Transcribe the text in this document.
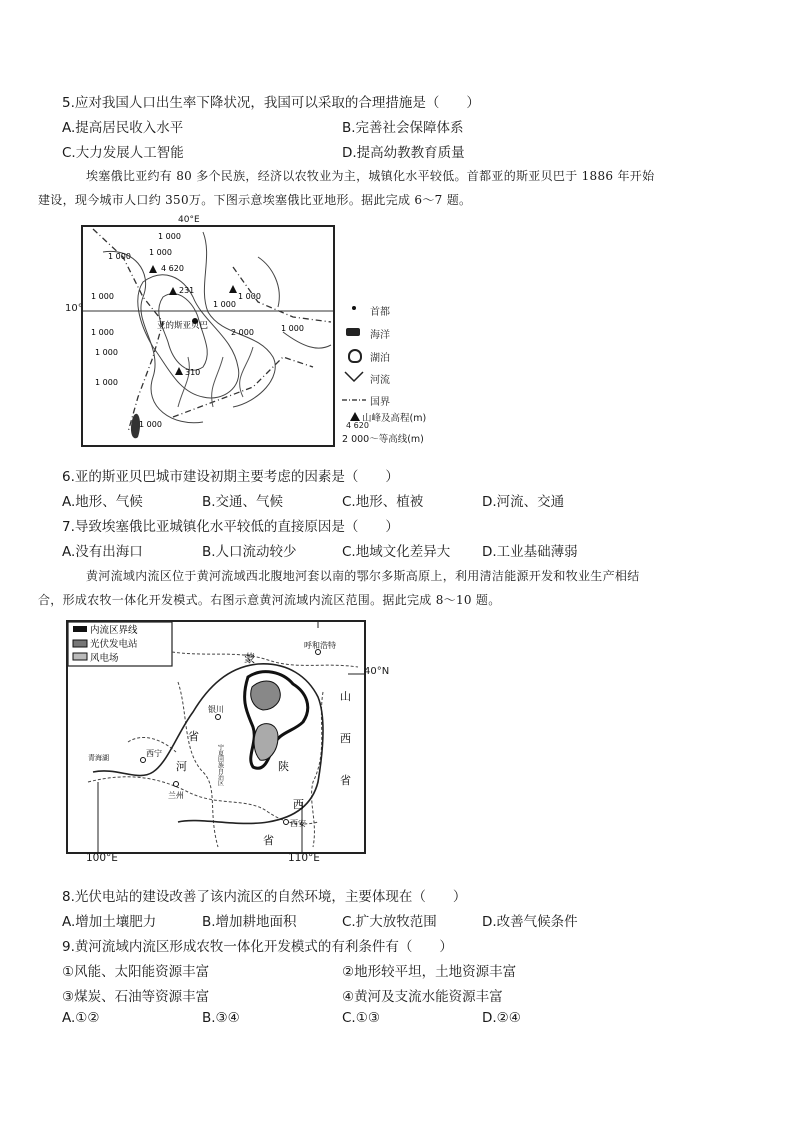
5.应对我国人口出生率下降状况，我国可以采取的合理措施是（　　）
A.提高居民收入水平	B.完善社会保障体系
C.大力发展人工智能	D.提高幼教教育质量
埃塞俄比亚约有 80 多个民族，经济以农牧业为主，城镇化水平较低。首都亚的斯亚贝巴于 1886 年开始
建设，现今城市人口约 350万。下图示意埃塞俄比亚地形。据此完成 6～7 题。
4 620
231
310
1 000
1 000 1 000
1 000
1 000
1 000
1 000
1 000
1 000
2 000	1 000
1 000
亚的斯亚贝巴
40°E
10°	首都
海洋
湖泊
河流
国界
山峰及高程(m)
4 620
2 000～等高线(m)
6.亚的斯亚贝巴城市建设初期主要考虑的因素是（　　）
A.地形、气候	B.交通、气候	C.地形、植被	D.河流、交通
7.导致埃塞俄比亚城镇化水平较低的直接原因是（　　）
A.没有出海口	B.人口流动较少	C.地域文化差异大 D.工业基础薄弱
黄河流域内流区位于黄河流域西北腹地河套以南的鄂尔多斯高原上，利用清洁能源开发和牧业生产相结
合，形成农牧一体化开发模式。右图示意黄河流域内流区范围。据此完成 8～10 题。
内流区界线
光伏发电站
风电场
呼和浩特
银川
西宁
兰州
西安
青海湖
蒙
山
西
省
省
河	陕
西
省
宁夏回族自治区
40°N
100°E	110°E
8.光伏电站的建设改善了该内流区的自然环境，主要体现在（　　）
A.增加土壤肥力	B.增加耕地面积	C.扩大放牧范围	D.改善气候条件
9.黄河流域内流区形成农牧一体化开发模式的有利条件有（　　）
①风能、太阳能资源丰富	②地形较平坦，土地资源丰富
③煤炭、石油等资源丰富	④黄河及支流水能资源丰富
A.①②	B.③④	C.①③	D.②④
